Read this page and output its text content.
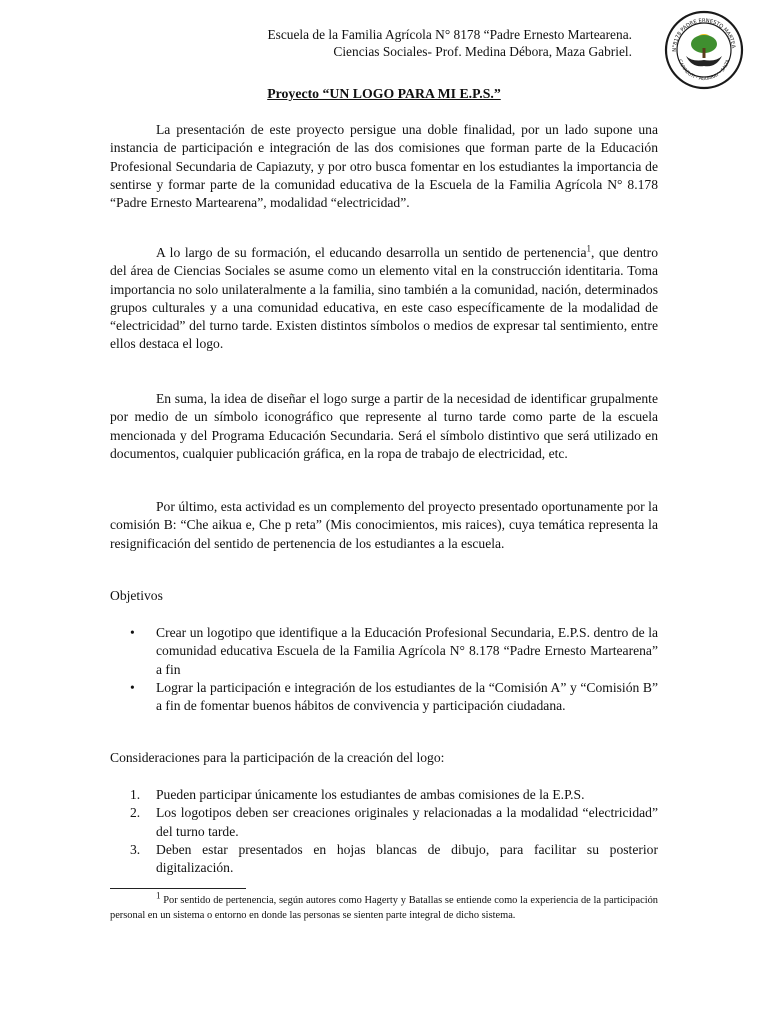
Escuela de la Familia Agrícola N° 8178 “Padre Ernesto Martearena.
Ciencias Sociales- Prof. Medina Débora, Maza Gabriel.	N°8178 PADRE ERNESTO MARTEA
CAPIAZUTI - AGUARAY - SALTA
Proyecto “UN LOGO PARA MI E.P.S.”

La presentación de este proyecto persigue una doble finalidad, por un lado supone una instancia de participación e integración de las dos comisiones que forman parte de la Educación Profesional Secundaria de Capiazuty, y por otro busca fomentar en los estudiantes la importancia de sentirse y formar parte de la comunidad educativa de la Escuela de la Familia Agrícola N° 8.178 “Padre Ernesto Martearena”, modalidad “electricidad”.

A lo largo de su formación, el educando desarrolla un sentido de pertenencia$^1$, que dentro del área de Ciencias Sociales se asume como un elemento vital en la construcción identitaria. Toma importancia no solo unilateralmente a la familia, sino también a la comunidad, nación, determinados grupos culturales y a una comunidad educativa, en este caso específicamente de la modalidad de “electricidad” del turno tarde. Existen distintos símbolos o medios de expresar tal sentimiento, entre ellos destaca el logo.

En suma, la idea de diseñar el logo surge a partir de la necesidad de identificar grupalmente por medio de un símbolo iconográfico que represente al turno tarde como parte de la escuela mencionada y del Programa Educación Secundaria. Será el símbolo distintivo que será utilizado en documentos, cualquier publicación gráfica, en la ropa de trabajo de electricidad, etc.

Por último, esta actividad es un complemento del proyecto presentado oportunamente por la comisión B: “Che aikua e, Che p reta” (Mis conocimientos, mis raices), cuya temática representa la resignificación del sentido de pertenencia de los estudiantes a la escuela.

Objetivos
• Crear un logotipo que identifique a la Educación Profesional Secundaria, E.P.S. dentro de la comunidad educativa Escuela de la Familia Agrícola N° 8.178 “Padre Ernesto Martearena” a fin
• Lograr la participación e integración de los estudiantes de la “Comisión A” y “Comisión B” a fin de fomentar buenos hábitos de convivencia y participación ciudadana.
Consideraciones para la participación de la creación del logo:
1. Pueden participar únicamente los estudiantes de ambas comisiones de la E.P.S.
2. Los logotipos deben ser creaciones originales y relacionadas a la modalidad “electricidad” del turno tarde.
3. Deben estar presentados en hojas blancas de dibujo, para facilitar su posterior digitalización.
1 Por sentido de pertenencia, según autores como Hagerty y Batallas se entiende como la experiencia de la participación personal en un sistema o entorno en donde las personas se sienten parte integral de dicho sistema.
